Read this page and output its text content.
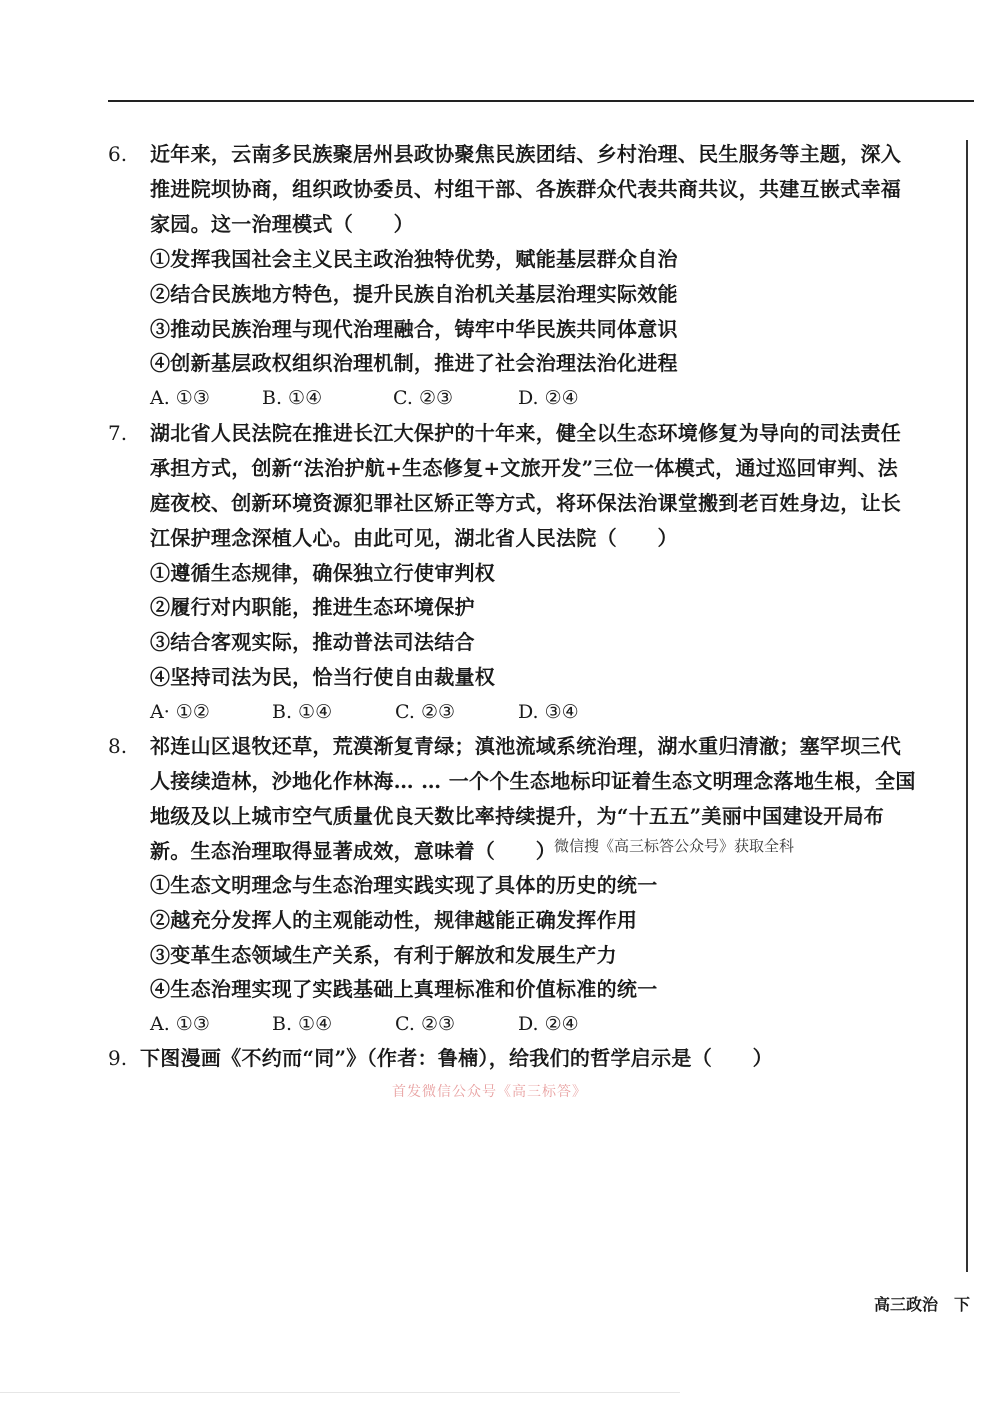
6. 近年来，云南多民族聚居州县政协聚焦民族团结、乡村治理、民生服务等主题，深入
推进院坝协商，组织政协委员、村组干部、各族群众代表共商共议，共建互嵌式幸福
家园。这一治理模式（　　）
①发挥我国社会主义民主政治独特优势，赋能基层群众自治
②结合民族地方特色，提升民族自治机关基层治理实际效能
③推动民族治理与现代治理融合，铸牢中华民族共同体意识
④创新基层政权组织治理机制，推进了社会治理法治化进程
A. ①③	B. ①④	C. ②③	D. ②④
7. 湖北省人民法院在推进长江大保护的十年来，健全以生态环境修复为导向的司法责任
承担方式，创新“法治护航+生态修复+文旅开发”三位一体模式，通过巡回审判、法
庭夜校、创新环境资源犯罪社区矫正等方式，将环保法治课堂搬到老百姓身边，让长
江保护理念深植人心。由此可见，湖北省人民法院（　　）
①遵循生态规律，确保独立行使审判权
②履行对内职能，推进生态环境保护
③结合客观实际，推动普法司法结合
④坚持司法为民，恰当行使自由裁量权
A· ①②	B. ①④	C. ②③	D. ③④
8. 祁连山区退牧还草，荒漠渐复青绿；滇池流域系统治理，湖水重归清澈；塞罕坝三代
人接续造林，沙地化作林海… … 一个个生态地标印证着生态文明理念落地生根，全国
地级及以上城市空气质量优良天数比率持续提升，为“十五五”美丽中国建设开局布
新。生态治理取得显著成效，意味着（　　）
微信搜《高三标答公众号》获取全科
①生态文明理念与生态治理实践实现了具体的历史的统一
②越充分发挥人的主观能动性，规律越能正确发挥作用
③变革生态领域生产关系，有利于解放和发展生产力
④生态治理实现了实践基础上真理标准和价值标准的统一
A. ①③	B. ①④	C. ②③	D. ②④
9. 下图漫画《不约而“同”》（作者：鲁楠），给我们的哲学启示是（　　）
首发微信公众号《高三标答》
高三政治　下
